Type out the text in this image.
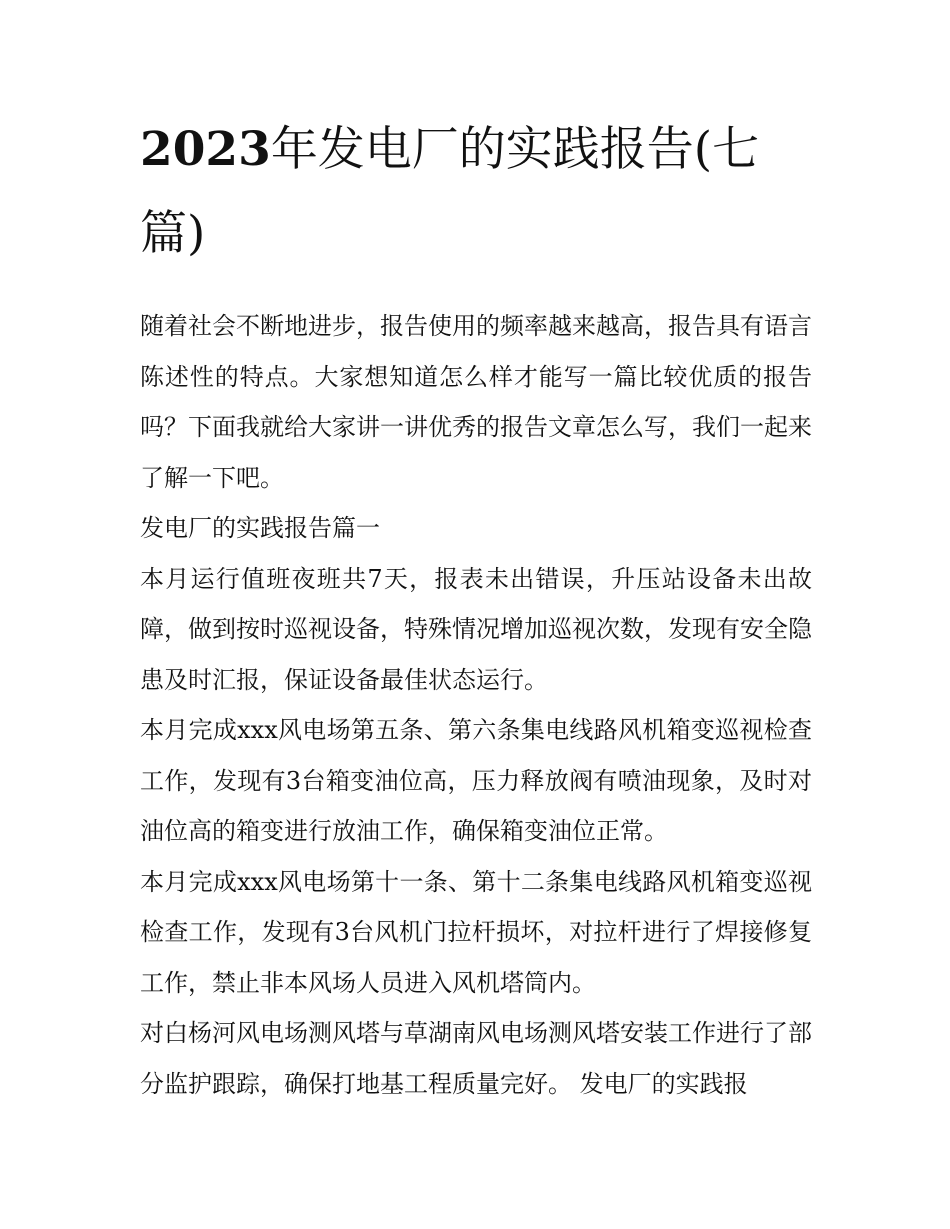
2023年发电厂的实践报告(七篇)

随着社会不断地进步，报告使用的频率越来越高，报告具有语言陈述性的特点。大家想知道怎么样才能写一篇比较优质的报告吗？下面我就给大家讲一讲优秀的报告文章怎么写，我们一起来了解一下吧。

发电厂的实践报告篇一

本月运行值班夜班共7天，报表未出错误，升压站设备未出故障，做到按时巡视设备，特殊情况增加巡视次数，发现有安全隐患及时汇报，保证设备最佳状态运行。

本月完成xxx风电场第五条、第六条集电线路风机箱变巡视检查工作，发现有3台箱变油位高，压力释放阀有喷油现象，及时对油位高的箱变进行放油工作，确保箱变油位正常。

本月完成xxx风电场第十一条、第十二条集电线路风机箱变巡视检查工作，发现有3台风机门拉杆损坏，对拉杆进行了焊接修复工作，禁止非本风场人员进入风机塔筒内。

对白杨河风电场测风塔与草湖南风电场测风塔安装工作进行了部分监护跟踪，确保打地基工程质量完好。 发电厂的实践报
